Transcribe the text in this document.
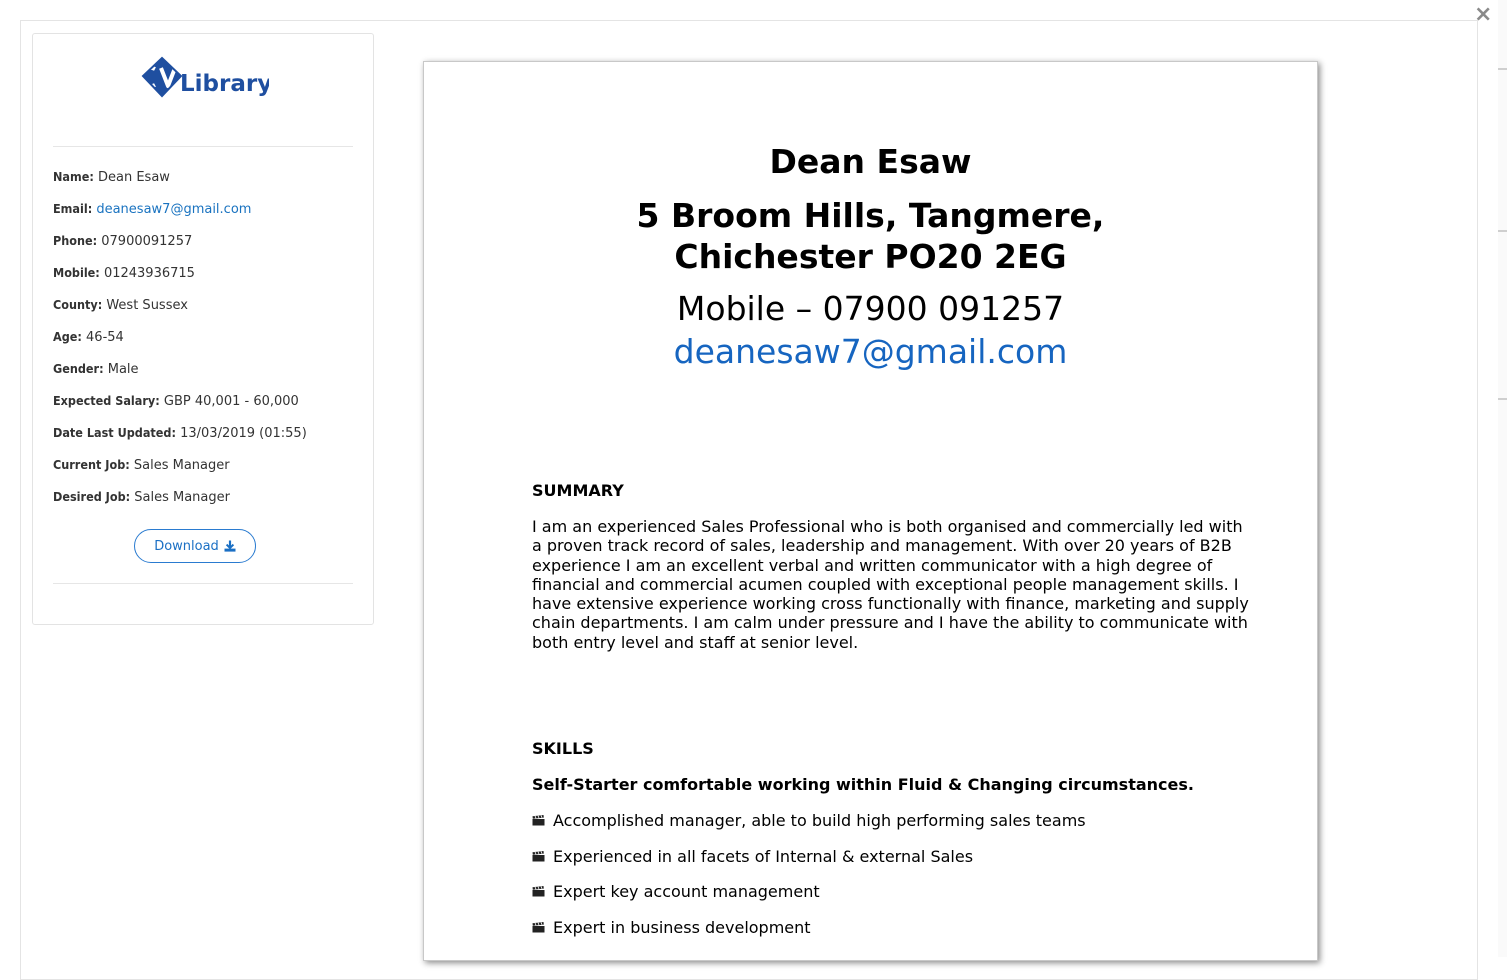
×
Library
Name: Dean Esaw
Email: deanesaw7@gmail.com
Phone: 07900091257
Mobile: 01243936715
County: West Sussex
Age: 46-54
Gender: Male
Expected Salary: GBP 40,001 - 60,000
Date Last Updated: 13/03/2019 (01:55)
Current Job: Sales Manager
Desired Job: Sales Manager
Download
Dean Esaw
5 Broom Hills, Tangmere,
Chichester PO20 2EG
Mobile – 07900 091257
deanesaw7@gmail.com
SUMMARY

I am an experienced Sales Professional who is both organised and commercially led with a proven track record of sales, leadership and management. With over 20 years of B2B experience I am an excellent verbal and written communicator with a high degree of financial and commercial acumen coupled with exceptional people management skills. I have extensive experience working cross functionally with finance, marketing and supply chain departments. I am calm under pressure and I have the ability to communicate with both entry level and staff at senior level.

SKILLS
Self-Starter comfortable working within Fluid & Changing circumstances.
Accomplished manager, able to build high performing sales teams
Experienced in all facets of Internal & external Sales
Expert key account management
Expert in business development
